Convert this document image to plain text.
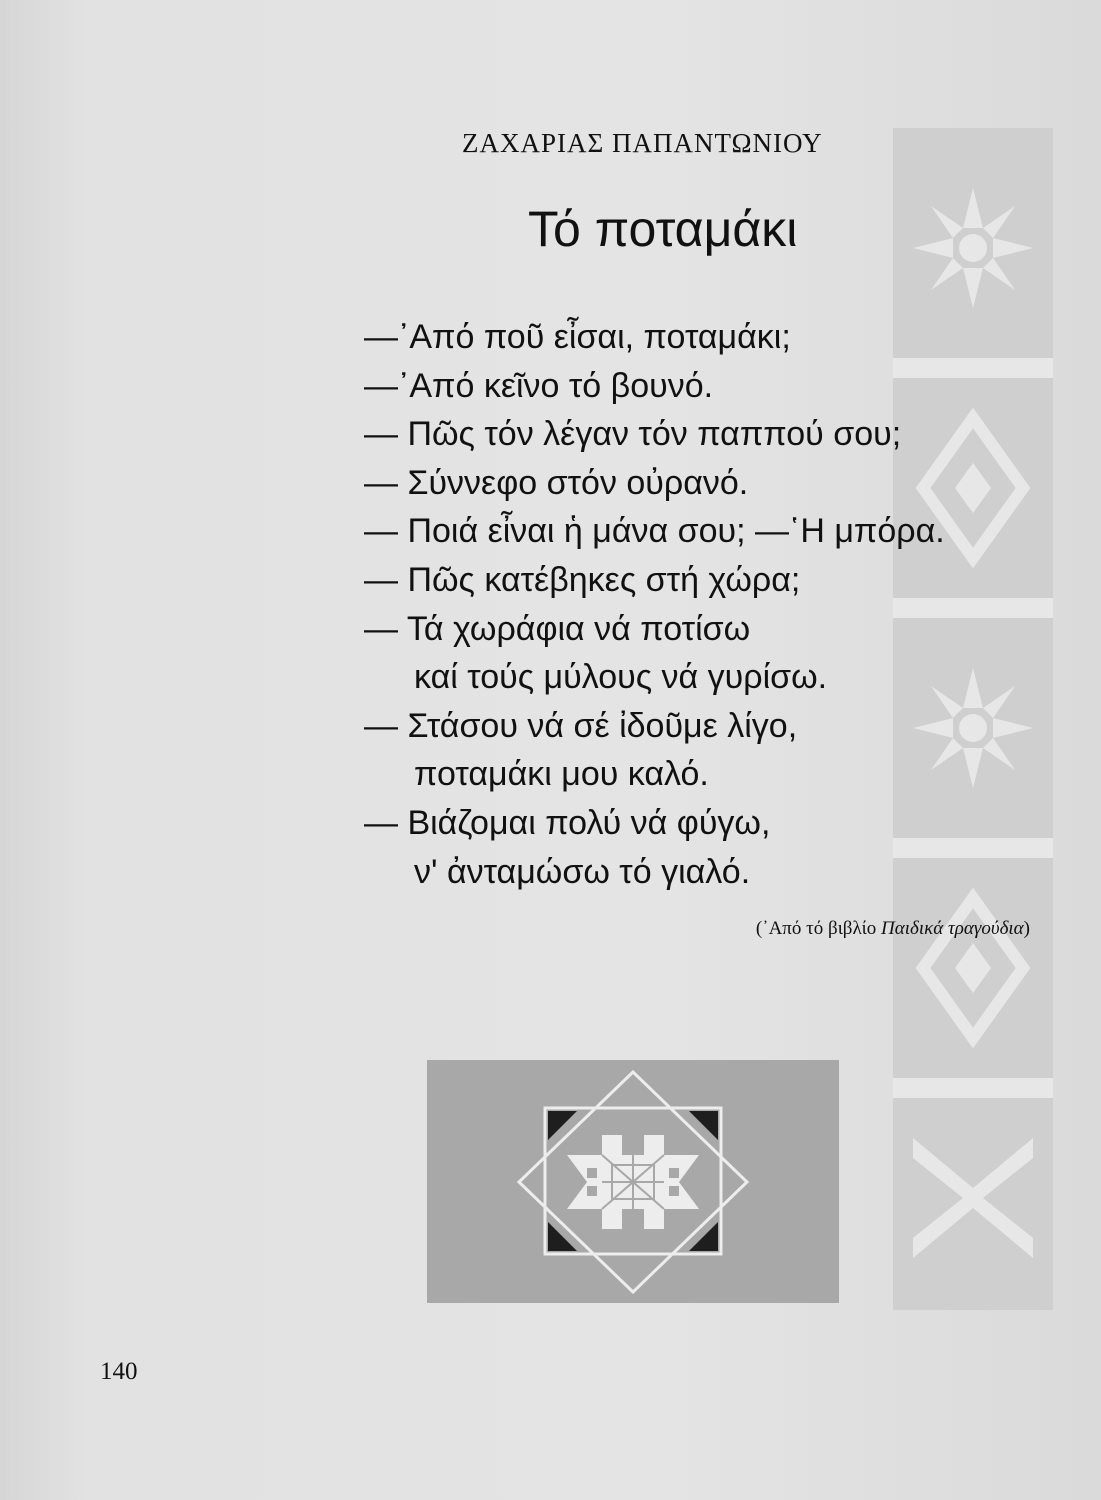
ΖΑΧΑΡΙΑΣ ΠΑΠΑΝΤΩΝΙΟΥ
Τό ποταμάκι
—᾿Από ποῦ εἶσαι, ποταμάκι;
—᾿Από κεῖνο τό βουνό.
— Πῶς τόν λέγαν τόν παππού σου;
— Σύννεφο στόν οὐρανό.
— Ποιά εἶναι ἡ μάνα σου; —῾Η μπόρα.
— Πῶς κατέβηκες στή χώρα;
— Τά χωράφια νά ποτίσω
καί τούς μύλους νά γυρίσω.
— Στάσου νά σέ ἰδοῦμε λίγο,
ποταμάκι μου καλό.
— Βιάζομαι πολύ νά φύγω,
ν' ἀνταμώσω τό γιαλό.
(᾿Από τό βιβλίο Παιδικά τραγούδια)
140
